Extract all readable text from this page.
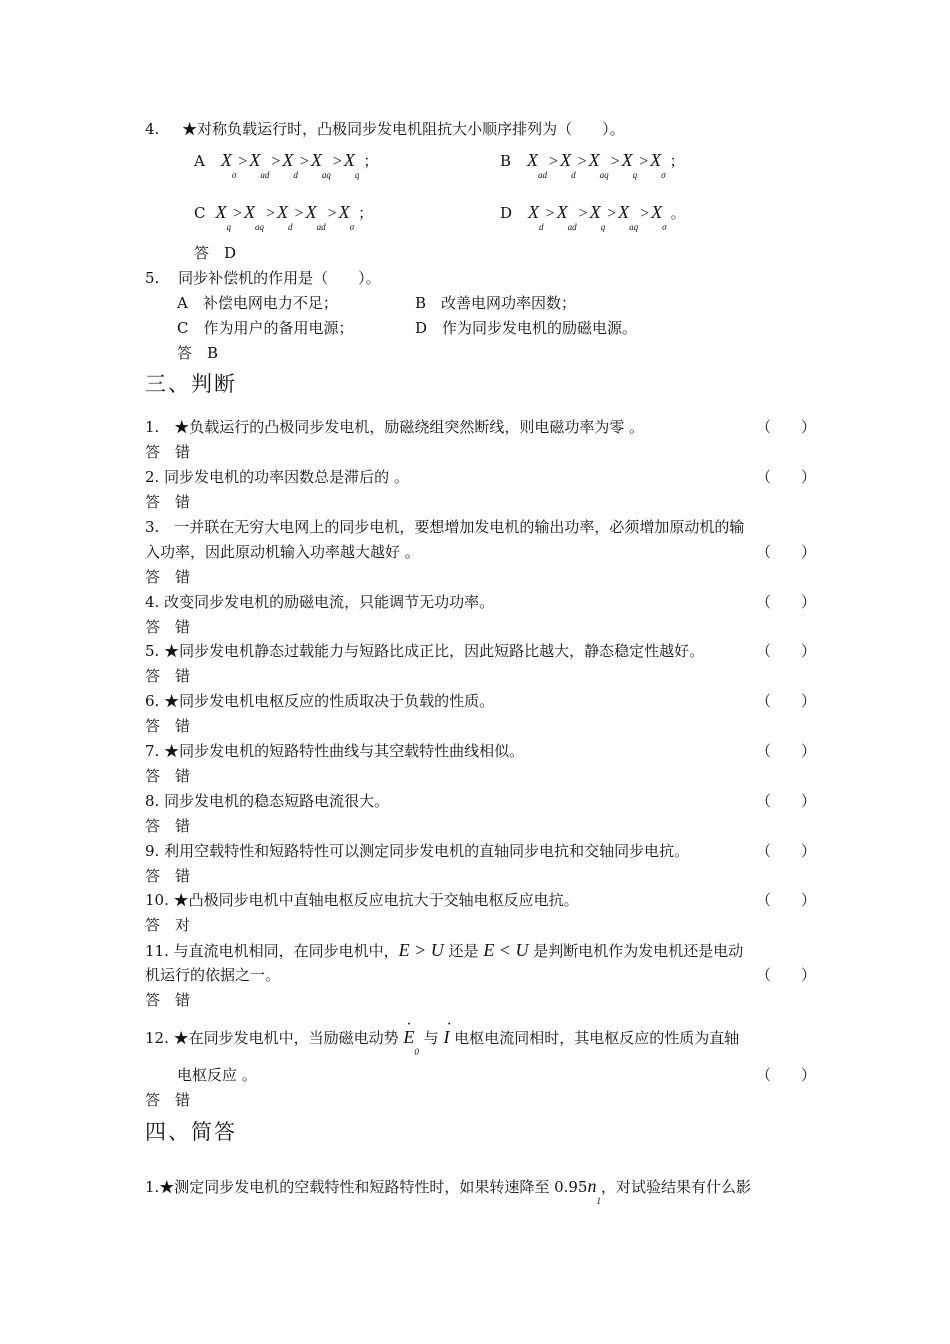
4. ★对称负载运行时，凸极同步发电机阻抗大小顺序排列为（　　）。
A $X_\sigma> X_{ad}> X_d> X_{aq}> X_q$；	B $X_{ad}> X_d> X_{aq}> X_q> X_\sigma$；
C $X_q> X_{aq}> X_d> X_{ad}> X_\sigma$；	D $X_d> X_{ad}> X_q> X_{aq}> X_\sigma$。
答　D
5. 同步补偿机的作用是（　　）。
A　补偿电网电力不足；	B　改善电网功率因数；
C　作为用户的备用电源；	D　作为同步发电机的励磁电源。
答　B
三、判断
1.　★负载运行的凸极同步发电机，励磁绕组突然断线，则电磁功率为零 。	（　　）
答　错
2. 同步发电机的功率因数总是滞后的 。	（　　）
答　错
3.　一并联在无穷大电网上的同步电机，要想增加发电机的输出功率，必须增加原动机的输
入功率，因此原动机输入功率越大越好 。	（　　）
答　错
4. 改变同步发电机的励磁电流，只能调节无功功率。	（　　）
答　错
5. ★同步发电机静态过载能力与短路比成正比，因此短路比越大，静态稳定性越好。	（　　）
答　错
6. ★同步发电机电枢反应的性质取决于负载的性质。	（　　）
答　错
7. ★同步发电机的短路特性曲线与其空载特性曲线相似。	（　　）
答　错
8. 同步发电机的稳态短路电流很大。	（　　）
答　错
9. 利用空载特性和短路特性可以测定同步发电机的直轴同步电抗和交轴同步电抗。	（　　）
答　错
10. ★凸极同步电机中直轴电枢反应电抗大于交轴电枢反应电抗。	（　　）
答　对
11. 与直流电机相同，在同步电机中，E > U 还是 E < U 是判断电机作为发电机还是电动
机运行的依据之一。	（　　）
答　错
12. ★在同步发电机中，当励磁电动势 · $E_0$ 与 · I 电枢电流同相时，其电枢反应的性质为直轴
电枢反应 。	（　　）
答　错
四、简答
1.★测定同步发电机的空载特性和短路特性时，如果转速降至 $0.95n_1$，对试验结果有什么影
